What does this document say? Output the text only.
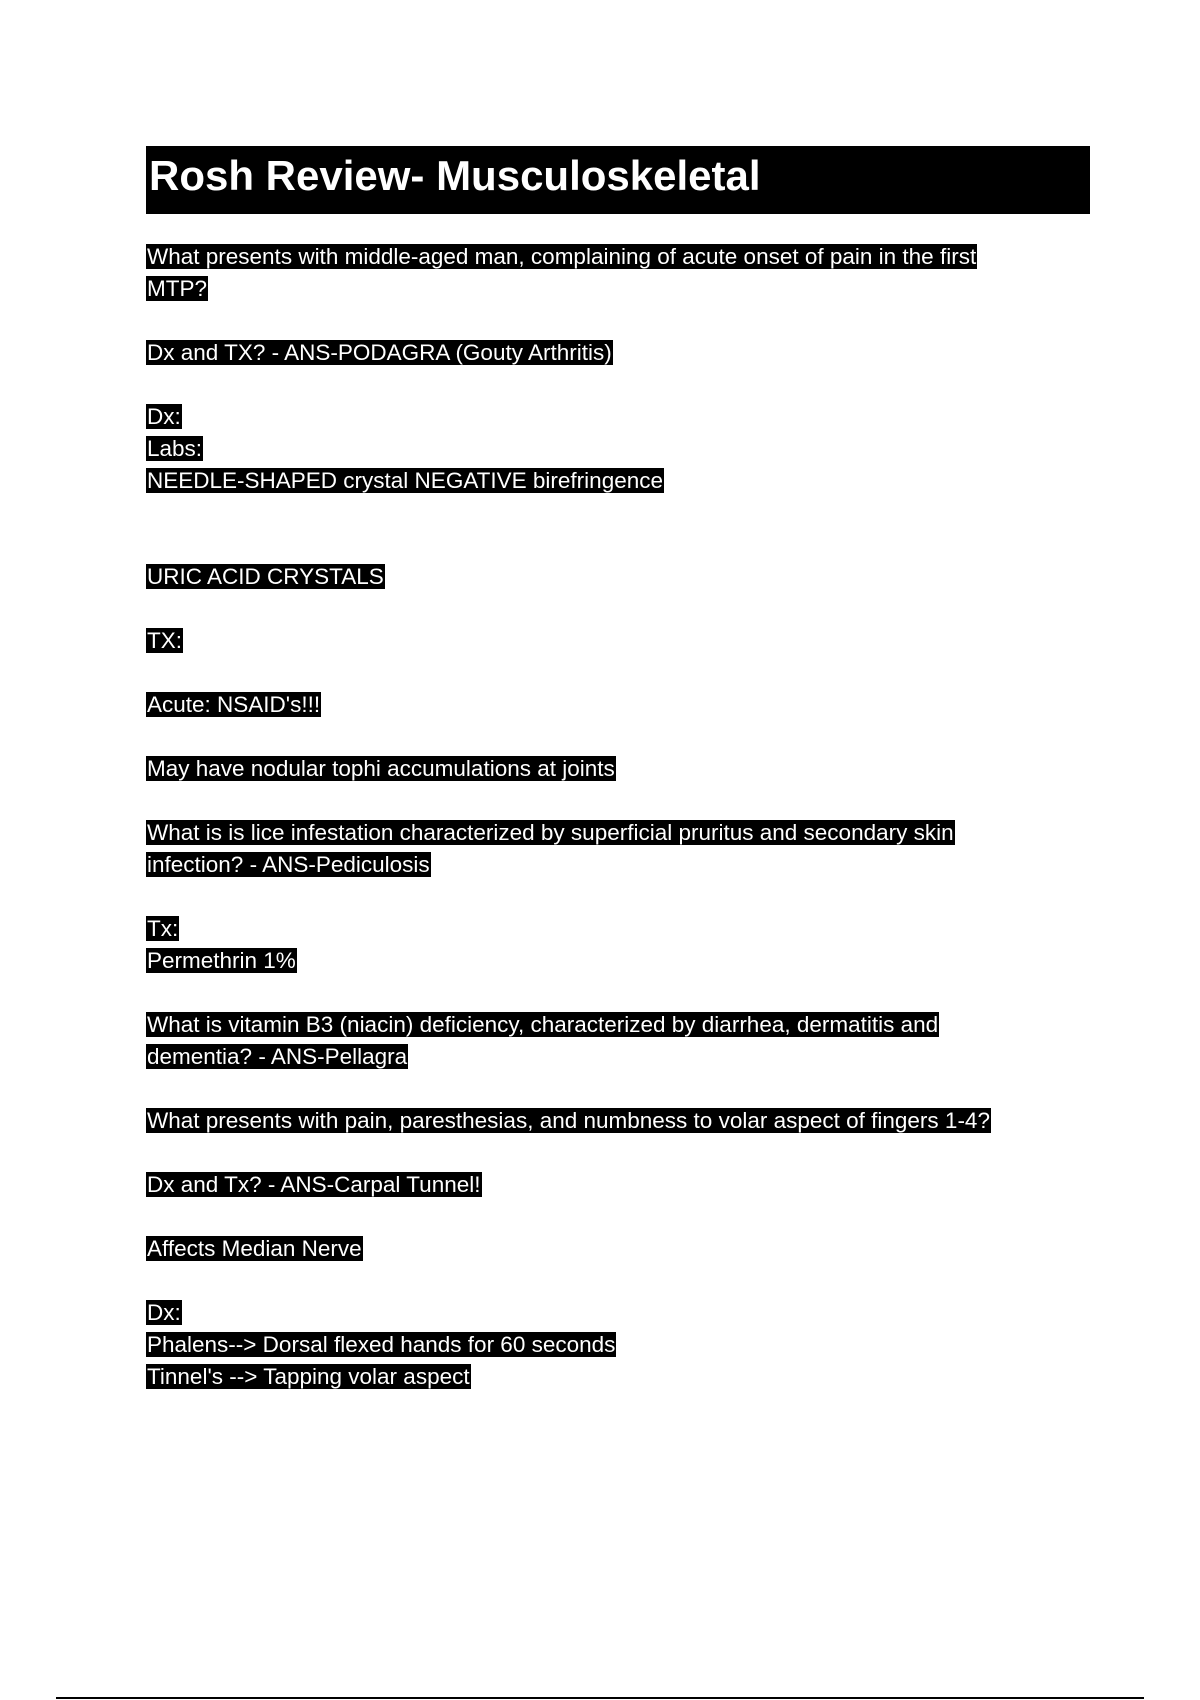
Rosh Review- Musculoskeletal
What presents with middle-aged man, complaining of acute onset of pain in the first
MTP?
Dx and TX? - ANS-PODAGRA (Gouty Arthritis)
Dx:
Labs:
NEEDLE-SHAPED crystal NEGATIVE birefringence
URIC ACID CRYSTALS
TX:
Acute: NSAID's!!!
May have nodular tophi accumulations at joints
What is is lice infestation characterized by superficial pruritus and secondary skin
infection? - ANS-Pediculosis
Tx:
Permethrin 1%
What is vitamin B3 (niacin) deficiency, characterized by diarrhea, dermatitis and
dementia? - ANS-Pellagra
What presents with pain, paresthesias, and numbness to volar aspect of fingers 1-4?
Dx and Tx? - ANS-Carpal Tunnel!
Affects Median Nerve
Dx:
Phalens--> Dorsal flexed hands for 60 seconds
Tinnel's --> Tapping volar aspect
